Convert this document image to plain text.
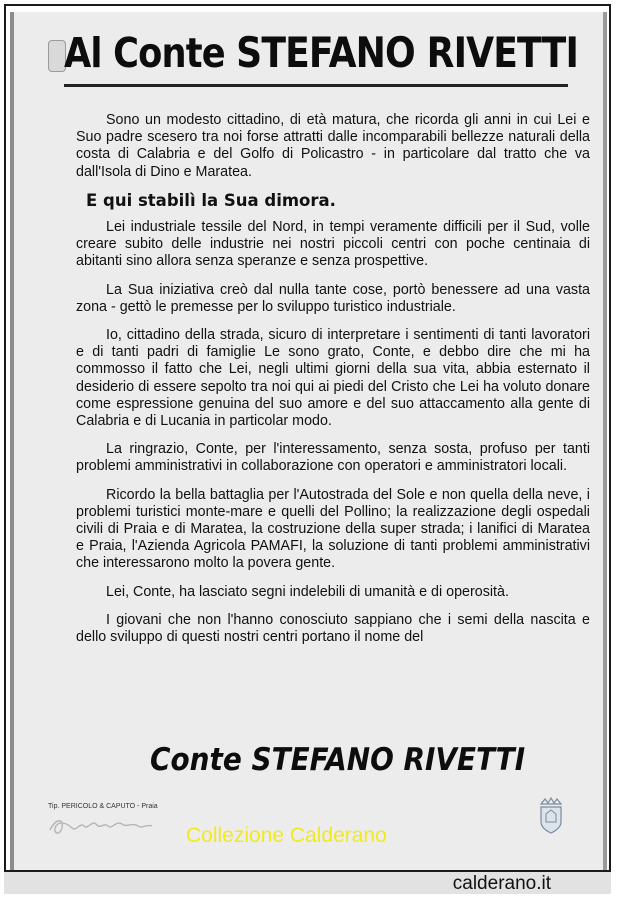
Al Conte STEFANO RIVETTI

Sono un modesto cittadino, di età matura, che ricorda gli anni in cui Lei e Suo padre scesero tra noi forse attratti dalle incomparabili bellezze naturali della costa di Calabria e del Golfo di Policastro - in particolare dal tratto che va dall'Isola di Dino e Maratea.

E qui stabilì la Sua dimora.

Lei industriale tessile del Nord, in tempi veramente difficili per il Sud, volle creare subito delle industrie nei nostri piccoli centri con poche centinaia di abitanti sino allora senza speranze e senza prospettive.

La Sua iniziativa creò dal nulla tante cose, portò benessere ad una vasta zona - gettò le premesse per lo sviluppo turistico industriale.

Io, cittadino della strada, sicuro di interpretare i sentimenti di tanti lavoratori e di tanti padri di famiglie Le sono grato, Conte, e debbo dire che mi ha commosso il fatto che Lei, negli ultimi giorni della sua vita, abbia esternato il desiderio di essere sepolto tra noi qui ai piedi del Cristo che Lei ha voluto donare come espressione genuina del suo amore e del suo attaccamento alla gente di Calabria e di Lucania in particolar modo.

La ringrazio, Conte, per l'interessamento, senza sosta, profuso per tanti problemi amministrativi in collaborazione con operatori e amministratori locali.

Ricordo la bella battaglia per l'Autostrada del Sole e non quella della neve, i problemi turistici monte-mare e quelli del Pollino; la realizzazione degli ospedali civili di Praia e di Maratea, la costruzione della super strada; i lanifici di Maratea e Praia, l'Azienda Agricola PAMAFI, la soluzione di tanti problemi amministrativi che interessarono molto la povera gente.

Lei, Conte, ha lasciato segni indelebili di umanità e di operosità.

I giovani che non l'hanno conosciuto sappiano che i semi della nascita e dello sviluppo di questi nostri centri portano il nome del

Conte STEFANO RIVETTI
Tip. PERICOLO & CAPUTO - Praia
Collezione Calderano
calderano.it
